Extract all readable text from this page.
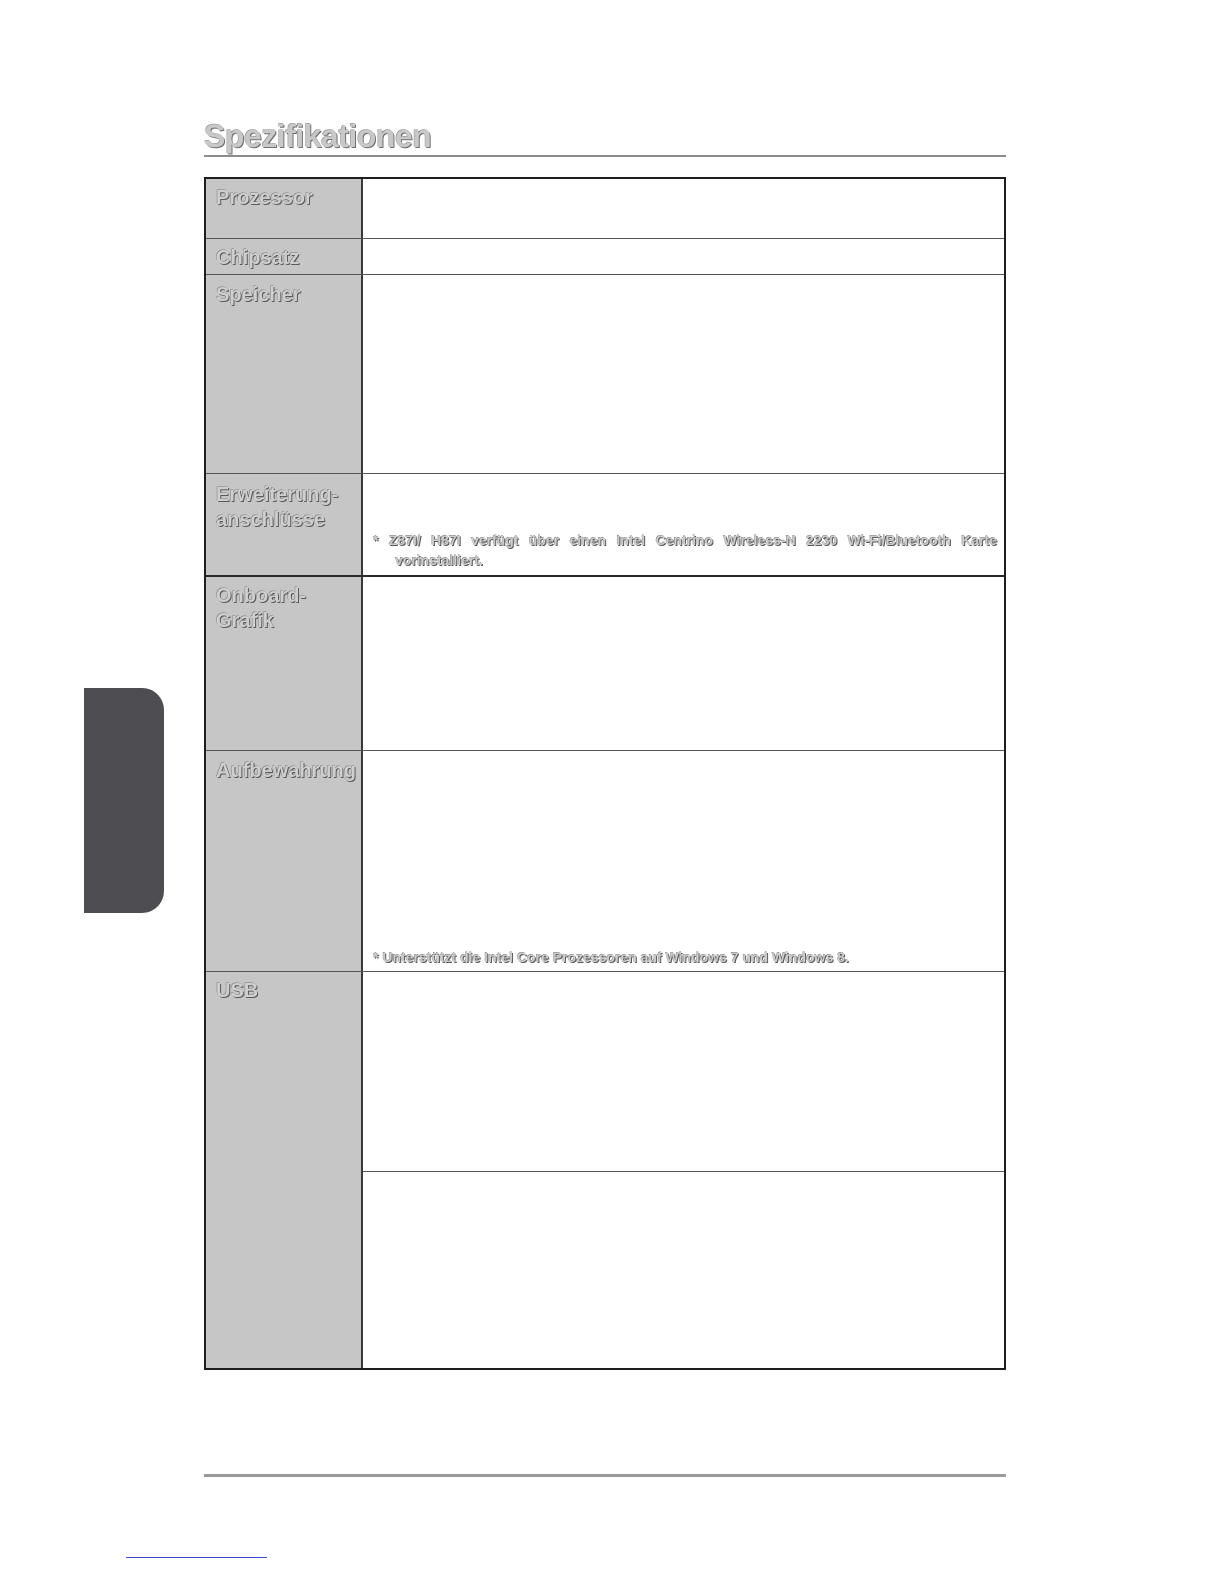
Spezifikationen
Prozessor
Chipsatz
Speicher
Erweiterung-
anschlüsse
Onboard-
Grafik
Aufbewahrung
USB
* Z87I/ H87I verfügt über einen Intel Centrino Wireless-N 2230 Wi-Fi/Bluetooth Karte
vorinstalliert.
* Unterstützt die Intel Core Prozessoren auf Windows 7 und Windows 8.
